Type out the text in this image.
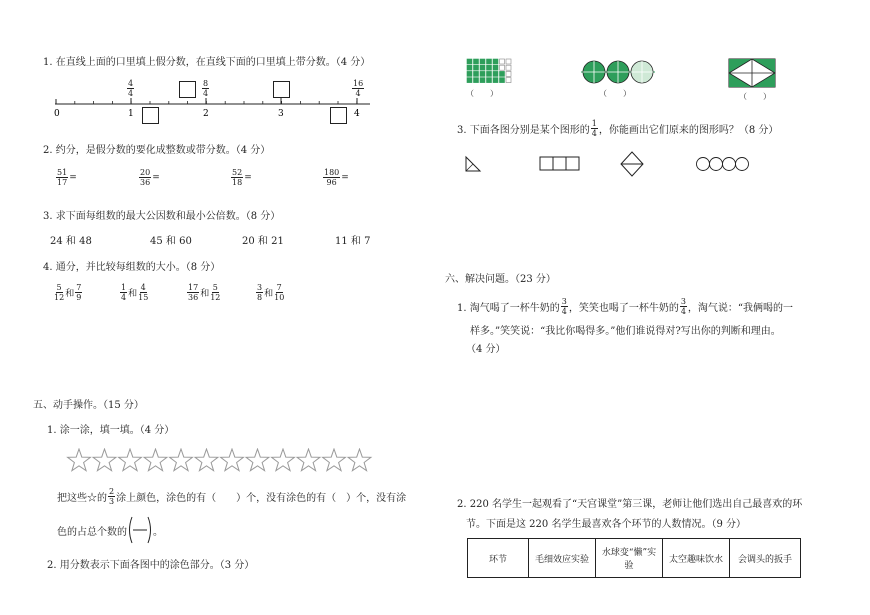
1. 在直线上面的口里填上假分数，在直线下面的口里填上带分数。（4 分）
0	1	2	3	4
$\frac{4}{4}$	$\frac{8}{4}$	$\frac{16}{4}$
2. 约分，是假分数的要化成整数或带分数。（4 分）
$\frac{51}{17}$ =	$\frac{20}{36}$ =	$\frac{52}{18}$ =	$\frac{180}{96}$ =
3. 求下面每组数的最大公因数和最小公倍数。（8 分）
24 和 48	45 和 60	20 和 21	11 和 7
4. 通分，并比较每组数的大小。（8 分）
$\frac{5}{12}$ 和 $\frac{7}{9}$	$\frac{1}{4}$ 和 $\frac{4}{15}$	$\frac{17}{36}$ 和 $\frac{5}{12}$	$\frac{3}{8}$ 和 $\frac{7}{10}$
五、动手操作。（15 分）
1. 涂一涂，填一填。（4 分）
把这些☆的 $\frac{2}{3}$ 涂上颜色，涂色的有（　　）个，没有涂色的有（　）个，没有涂
色的占总个数的	。
2. 用分数表示下面各图中的涂色部分。（3 分）
（　　）	（　　）	（　　）
3. 下面各图分别是某个图形的 $\frac{1}{4}$ ，你能画出它们原来的图形吗？（8 分）
六、解决问题。（23 分）
1. 淘气喝了一杯牛奶的 $\frac{3}{4}$ ，笑笑也喝了一杯牛奶的 $\frac{3}{4}$ ，淘气说：“我俩喝的一
样多。”笑笑说：“我比你喝得多。”他们谁说得对?写出你的判断和理由。
（4 分）
2. 220 名学生一起观看了“天宫课堂”第三课，老师让他们选出自己最喜欢的环
节。下面是这 220 名学生最喜欢各个环节的人数情况。（9 分）
环节	毛细效应实验	水球变“懒”实验	太空趣味饮水	会调头的扳手
